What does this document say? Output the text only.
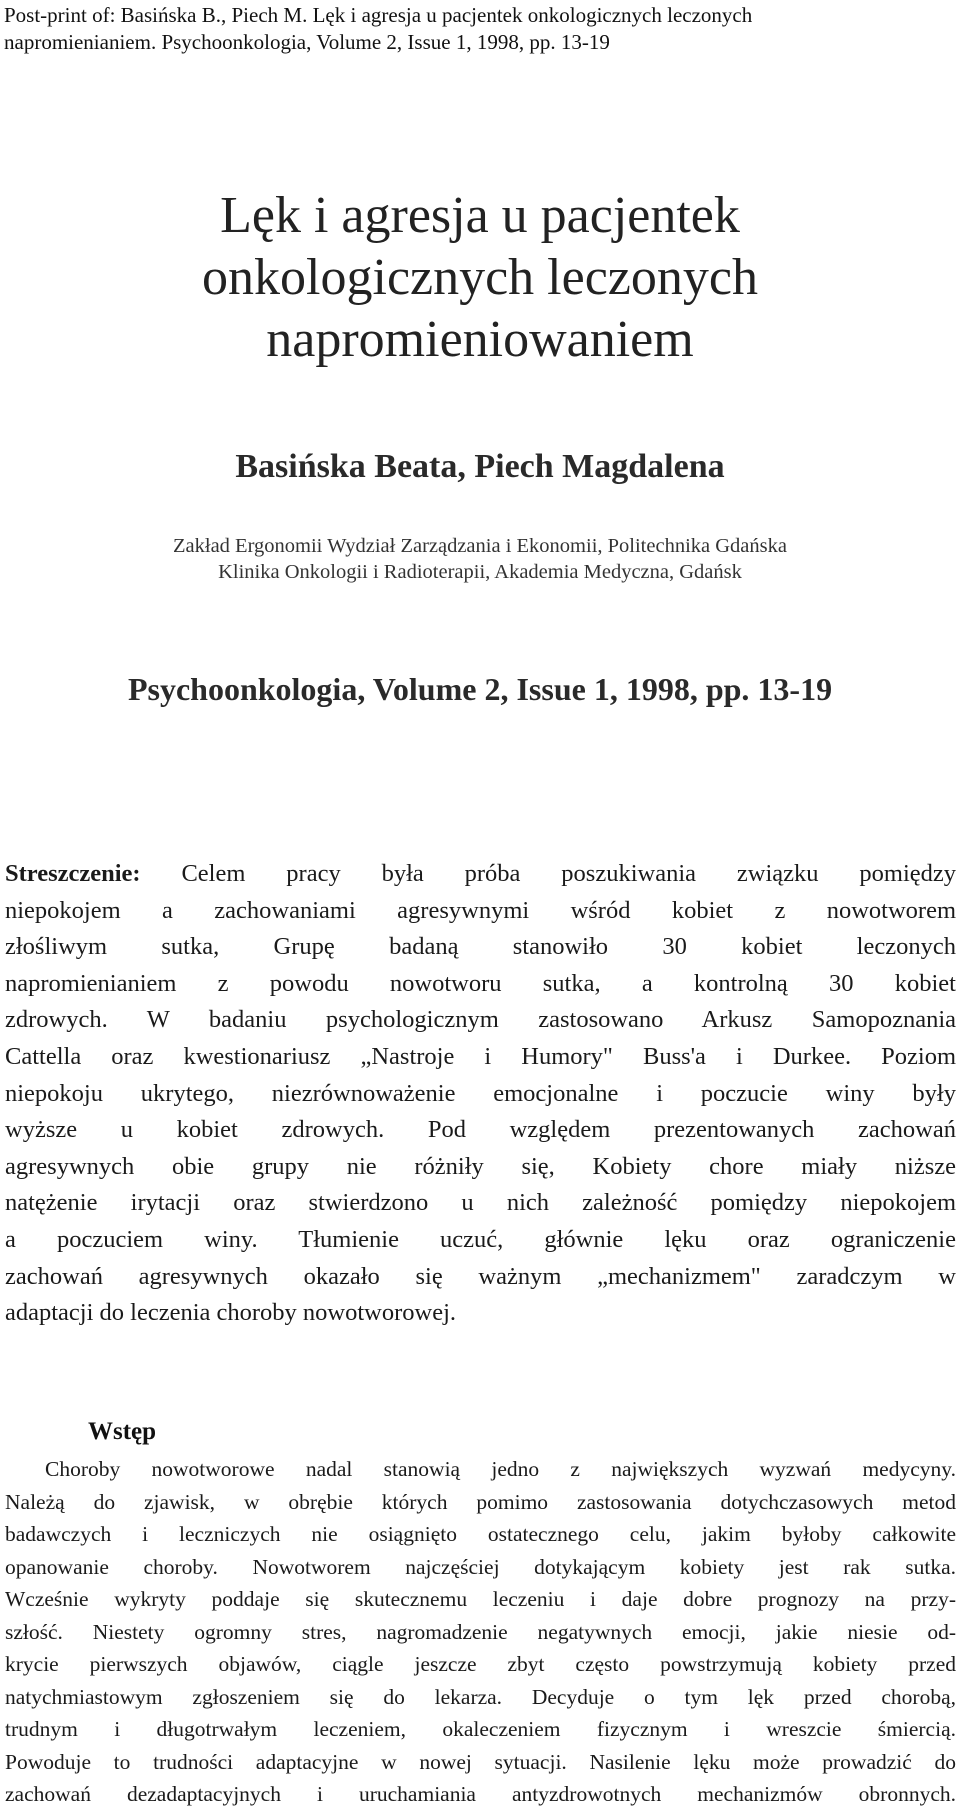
Post-print of: Basińska B., Piech M. Lęk i agresja u pacjentek onkologicznych leczonych
napromienianiem. Psychoonkologia, Volume 2, Issue 1, 1998, pp. 13-19
Lęk i agresja u pacjentek
onkologicznych leczonych
napromieniowaniem
Basińska Beata, Piech Magdalena
Zakład Ergonomii Wydział Zarządzania i Ekonomii, Politechnika Gdańska
Klinika Onkologii i Radioterapii, Akademia Medyczna, Gdańsk
Psychoonkologia, Volume 2, Issue 1, 1998, pp. 13-19
Streszczenie: Celem pracy była próba poszukiwania związku pomiędzy
niepokojem a zachowaniami agresywnymi wśród kobiet z nowotworem
złośliwym sutka, Grupę badaną stanowiło 30 kobiet leczonych
napromienianiem z powodu nowotworu sutka, a kontrolną 30 kobiet
zdrowych. W badaniu psychologicznym zastosowano Arkusz Samopoznania
Cattella oraz kwestionariusz „Nastroje i Humory" Buss'a i Durkee. Poziom
niepokoju ukrytego, niezrównoważenie emocjonalne i poczucie winy były
wyższe u kobiet zdrowych. Pod względem prezentowanych zachowań
agresywnych obie grupy nie różniły się, Kobiety chore miały niższe
natężenie irytacji oraz stwierdzono u nich zależność pomiędzy niepokojem
a poczuciem winy. Tłumienie uczuć, głównie lęku oraz ograniczenie
zachowań agresywnych okazało się ważnym „mechanizmem" zaradczym w
adaptacji do leczenia choroby nowotworowej.
Wstęp
Choroby nowotworowe nadal stanowią jedno z największych wyzwań medycyny.
Należą do zjawisk, w obrębie których pomimo zastosowania dotychczasowych metod
badawczych i leczniczych nie osiągnięto ostatecznego celu, jakim byłoby całkowite
opanowanie choroby. Nowotworem najczęściej dotykającym kobiety jest rak sutka.
Wcześnie wykryty poddaje się skutecznemu leczeniu i daje dobre prognozy na przy-
szłość. Niestety ogromny stres, nagromadzenie negatywnych emocji, jakie niesie od-
krycie pierwszych objawów, ciągle jeszcze zbyt często powstrzymują kobiety przed
natychmiastowym zgłoszeniem się do lekarza. Decyduje o tym lęk przed chorobą,
trudnym i długotrwałym leczeniem, okaleczeniem fizycznym i wreszcie śmiercią.
Powoduje to trudności adaptacyjne w nowej sytuacji. Nasilenie lęku może prowadzić do
zachowań dezadaptacyjnych i uruchamiania antyzdrowotnych mechanizmów obronnych.
